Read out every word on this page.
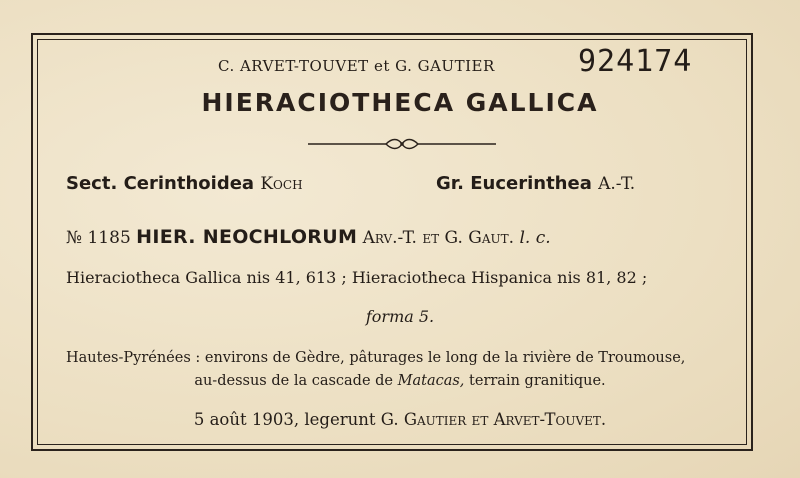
C. ARVET-TOUVET et G. GAUTIER	924174
HIERACIOTHECA GALLICA
Sect. Cerinthoidea Koch	Gr. Eucerinthea A.-T.
№ 1185 HIER. NEOCHLORUM Arv.-T. et G. Gaut. l. c.
Hieraciotheca Gallica nis 41, 613 ; Hieraciotheca Hispanica nis 81, 82 ;
forma 5.
Hautes-Pyrénées : environs de Gèdre, pâturages le long de la rivière de Troumouse,
au-dessus de la cascade de Matacas, terrain granitique.
5 août 1903, legerunt G. Gautier et Arvet-Touvet.
